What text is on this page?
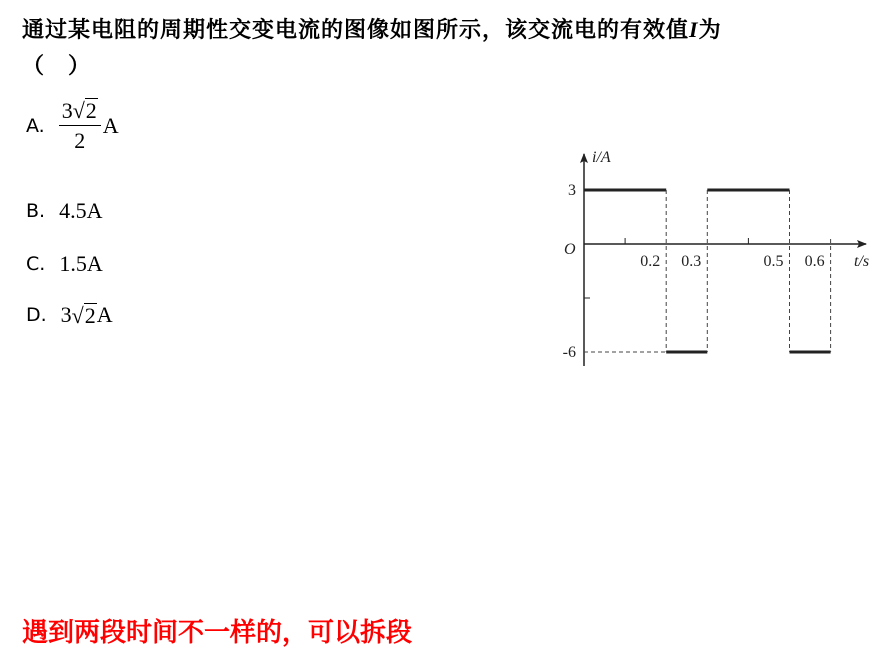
通过某电阻的周期性交变电流的图像如图所示，该交流电的有效值I为
（　）
A. $\frac{3 √ 2}{2}$ A
B. 4.5A
C. 1.5A
D. 3 √ 2 A
i/A
t/s
O
0.2 0.3	0.5 0.6
3
-6
遇到两段时间不一样的，可以拆段
